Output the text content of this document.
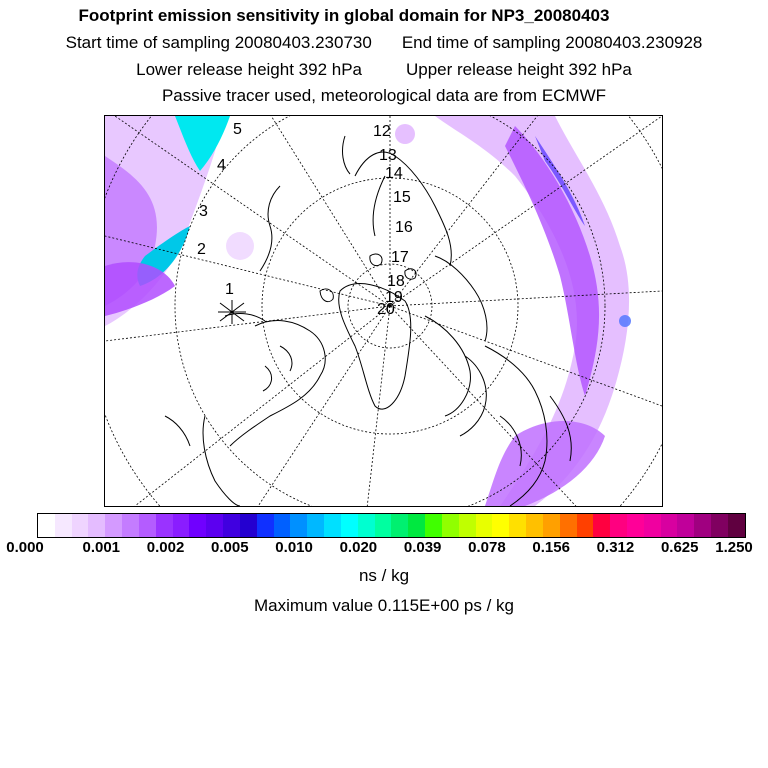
Footprint emission sensitivity in global domain for NP3_20080403
Start time of sampling 20080403.230730 End time of sampling 20080403.230928
Lower release height 392 hPa	Upper release height 392 hPa
Passive tracer used, meteorological data are from ECMWF
1
2
3
4
5	12
13
14
15
16
17
18
19
20
0.000	0.001 0.002 0.005 0.010 0.020 0.039 0.078 0.156 0.312 0.625 1.250
ns / kg
Maximum value 0.115E+00 ps / kg
